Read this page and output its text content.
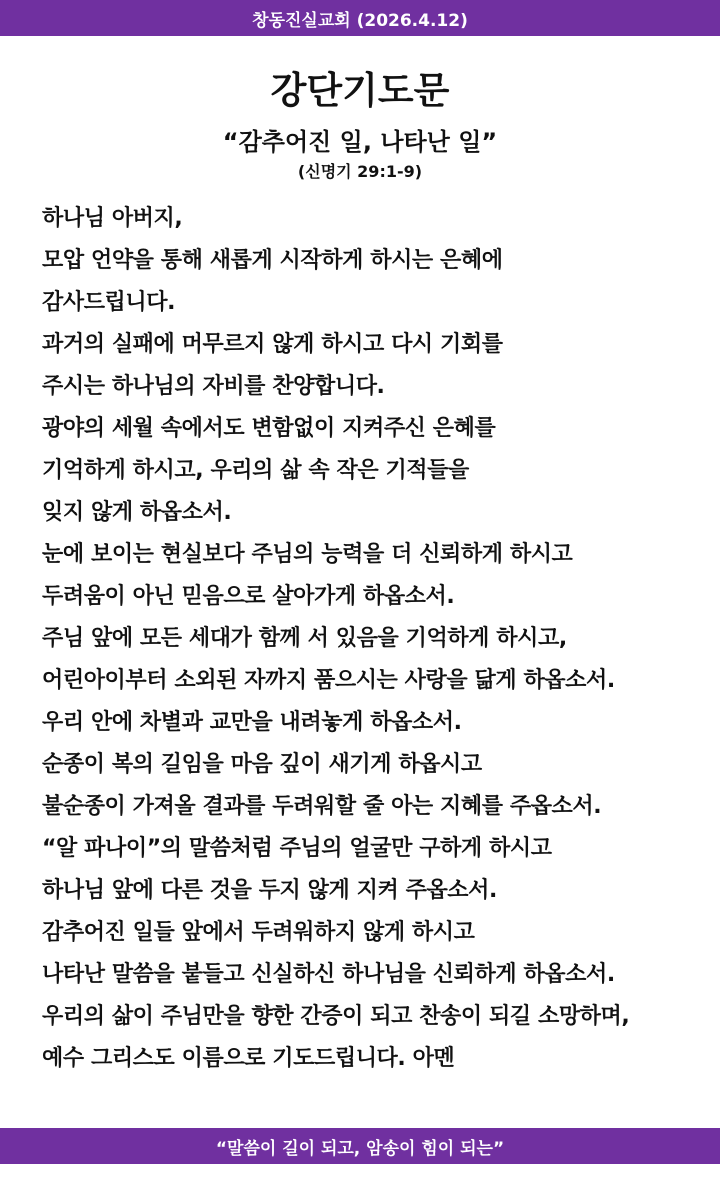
창동진실교회 (2026.4.12)
강단기도문
“감추어진 일, 나타난 일”

(신명기 29:1-9)

하나님 아버지,
모압 언약을 통해 새롭게 시작하게 하시는 은혜에
감사드립니다.
과거의 실패에 머무르지 않게 하시고 다시 기회를
주시는 하나님의 자비를 찬양합니다.
광야의 세월 속에서도 변함없이 지켜주신 은혜를
기억하게 하시고, 우리의 삶 속 작은 기적들을
잊지 않게 하옵소서.
눈에 보이는 현실보다 주님의 능력을 더 신뢰하게 하시고
두려움이 아닌 믿음으로 살아가게 하옵소서.
주님 앞에 모든 세대가 함께 서 있음을 기억하게 하시고,
어린아이부터 소외된 자까지 품으시는 사랑을 닮게 하옵소서.
우리 안에 차별과 교만을 내려놓게 하옵소서.
순종이 복의 길임을 마음 깊이 새기게 하옵시고
불순종이 가져올 결과를 두려워할 줄 아는 지혜를 주옵소서.
“알 파나이”의 말씀처럼 주님의 얼굴만 구하게 하시고
하나님 앞에 다른 것을 두지 않게 지켜 주옵소서.
감추어진 일들 앞에서 두려워하지 않게 하시고
나타난 말씀을 붙들고 신실하신 하나님을 신뢰하게 하옵소서.
우리의 삶이 주님만을 향한 간증이 되고 찬송이 되길 소망하며,
예수 그리스도 이름으로 기도드립니다. 아멘
“말씀이 길이 되고, 암송이 힘이 되는”
